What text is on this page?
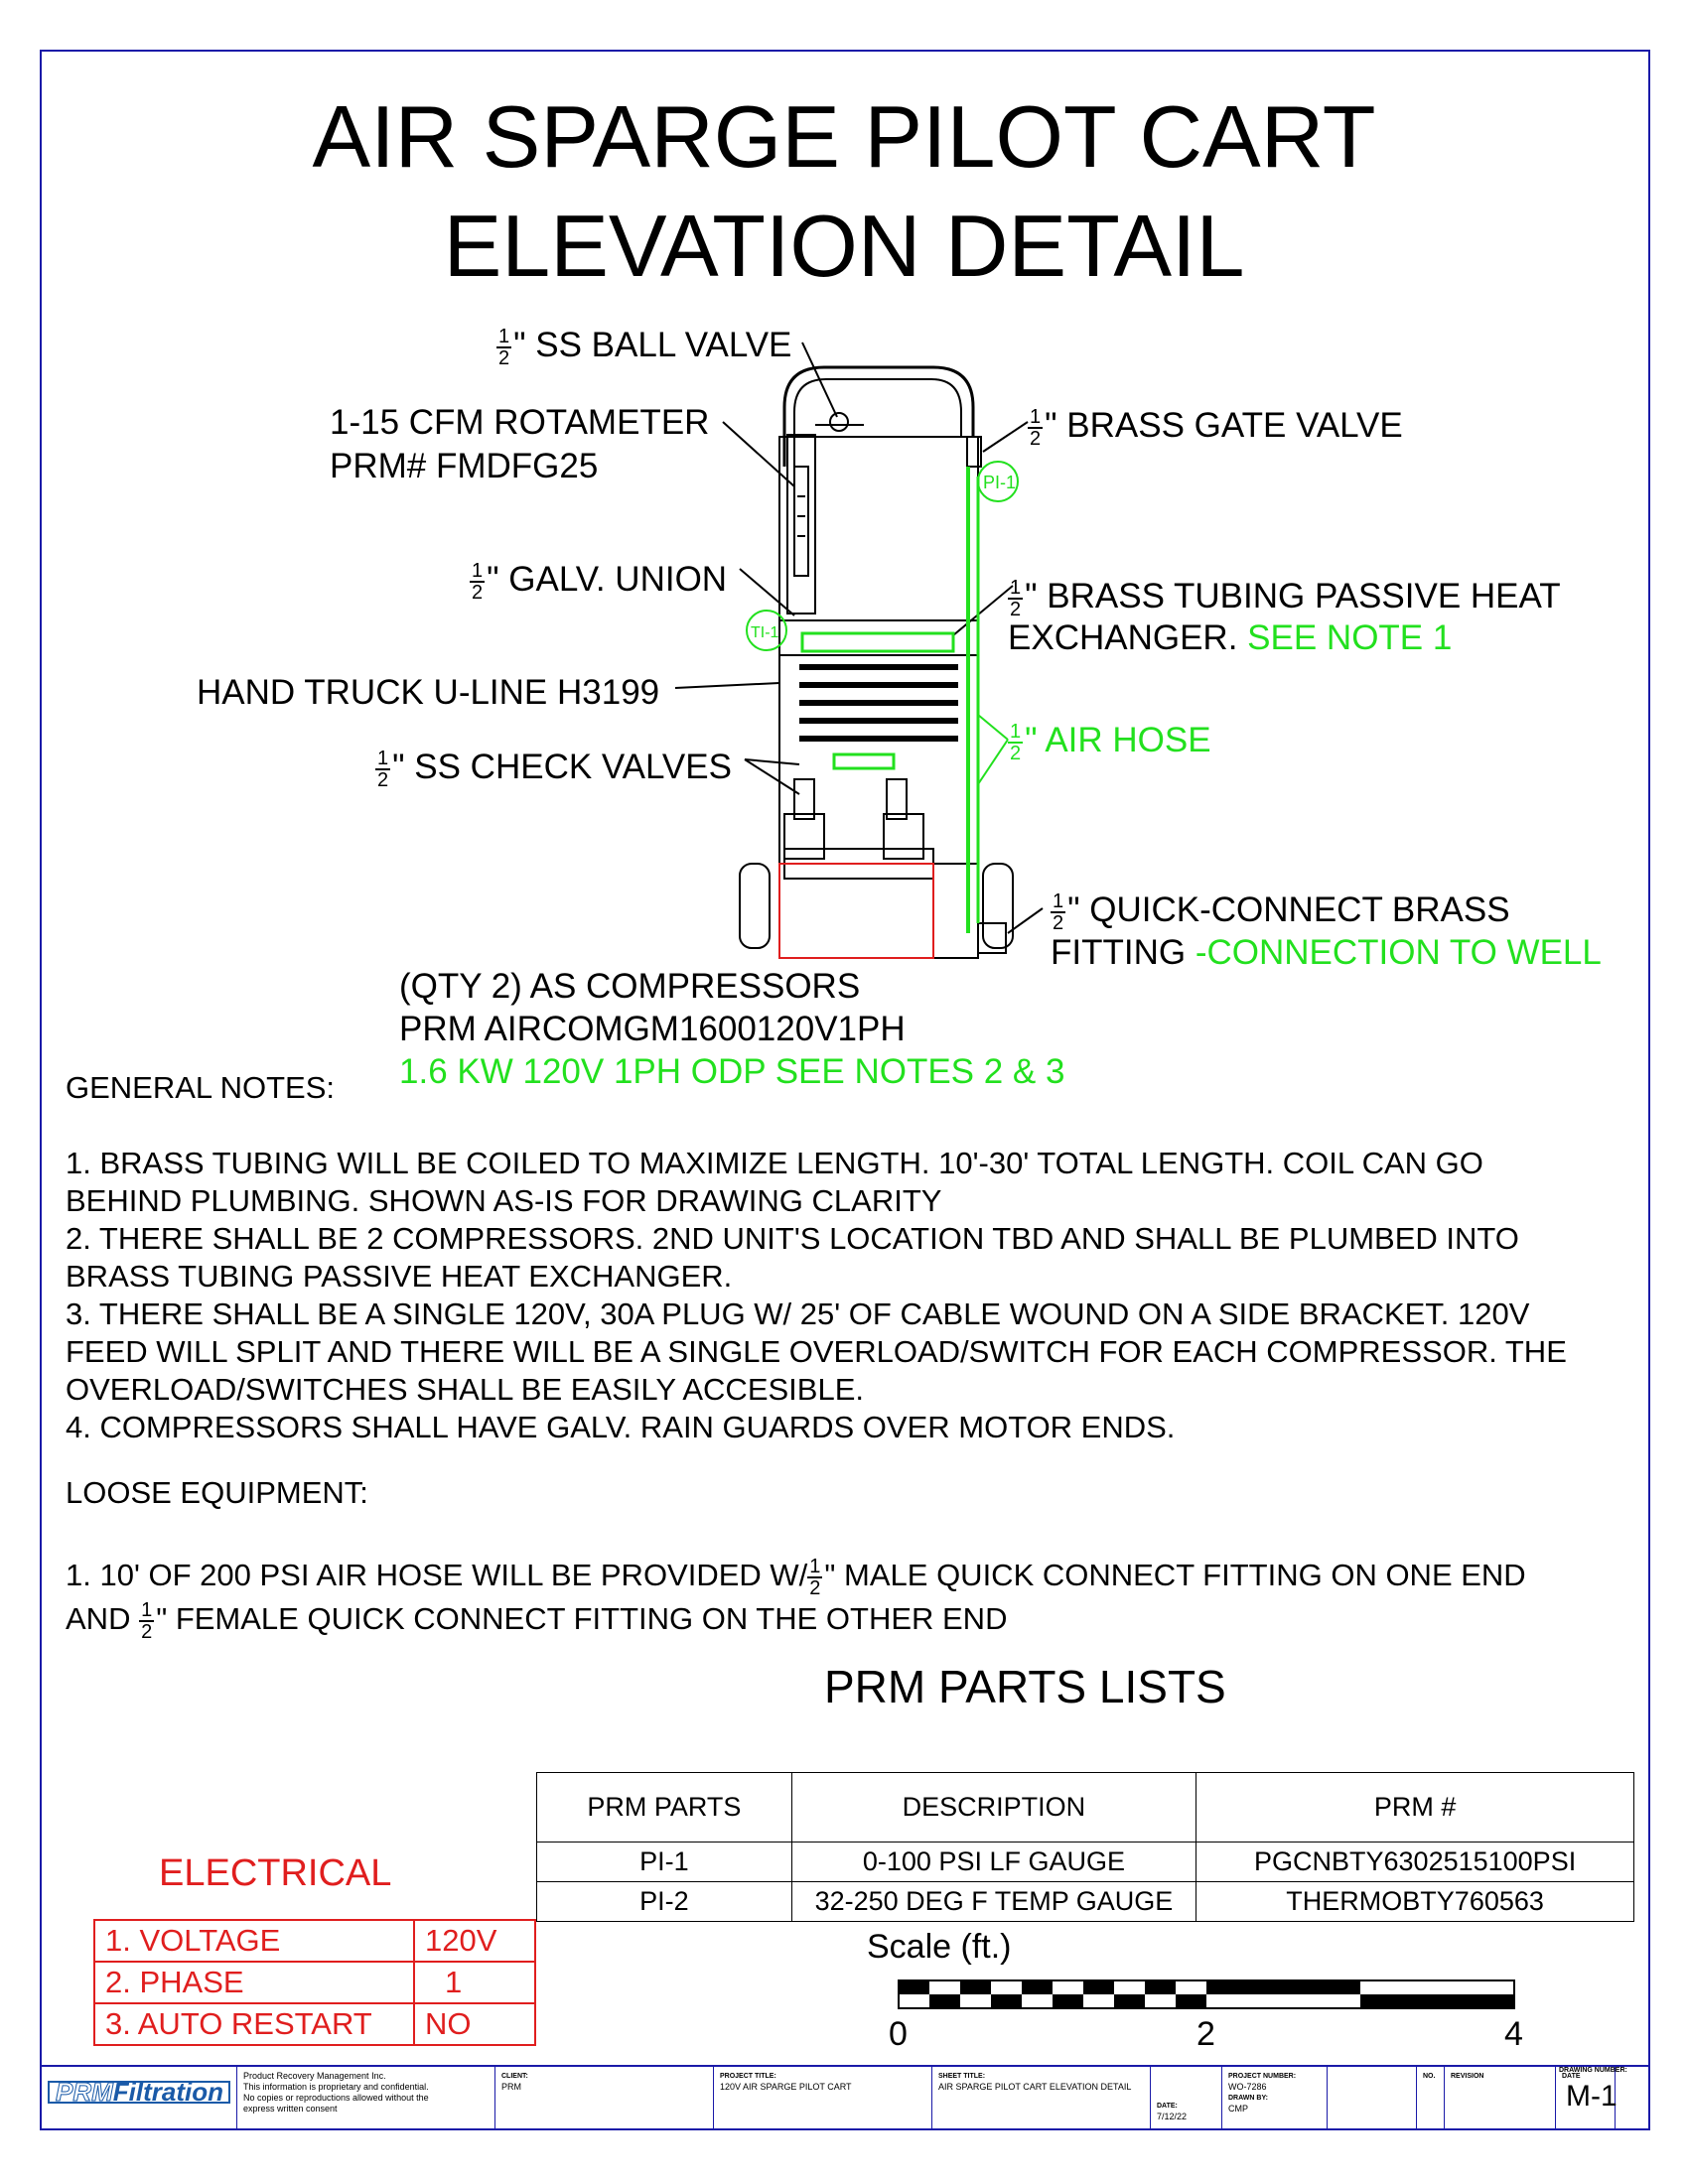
AIR SPARGE PILOT CART
ELEVATION DETAIL
PI-1
TI-1
$\frac{1}{2}$ " SS BALL VALVE
1-15 CFM ROTAMETER
PRM# FMDFG25
$\frac{1}{2}$ " BRASS GATE VALVE
$\frac{1}{2}$ " GALV. UNION	$\frac{1}{2}$ " BRASS TUBING PASSIVE HEAT
EXCHANGER. SEE NOTE 1
HAND TRUCK U-LINE H3199
$\frac{1}{2}$ " AIR HOSE
$\frac{1}{2}$ " SS CHECK VALVES
$\frac{1}{2}$ " QUICK-CONNECT BRASS
FITTING -CONNECTION TO WELL
(QTY 2) AS COMPRESSORS
PRM AIRCOMGM1600120V1PH
1.6 KW 120V 1PH ODP SEE NOTES 2 & 3
GENERAL NOTES:
1. BRASS TUBING WILL BE COILED TO MAXIMIZE LENGTH. 10'-30' TOTAL LENGTH. COIL CAN GO
BEHIND PLUMBING. SHOWN AS-IS FOR DRAWING CLARITY
2. THERE SHALL BE 2 COMPRESSORS. 2ND UNIT'S LOCATION TBD AND SHALL BE PLUMBED INTO
BRASS TUBING PASSIVE HEAT EXCHANGER.
3. THERE SHALL BE A SINGLE 120V, 30A PLUG W/ 25' OF CABLE WOUND ON A SIDE BRACKET. 120V
FEED WILL SPLIT AND THERE WILL BE A SINGLE OVERLOAD/SWITCH FOR EACH COMPRESSOR. THE
OVERLOAD/SWITCHES SHALL BE EASILY ACCESIBLE.
4. COMPRESSORS SHALL HAVE GALV. RAIN GUARDS OVER MOTOR ENDS.
LOOSE EQUIPMENT:
1. 10' OF 200 PSI AIR HOSE WILL BE PROVIDED $W/ \frac{1}{2}$ " MALE QUICK CONNECT FITTING ON ONE END
AND $\frac{1}{2}$ " FEMALE QUICK CONNECT FITTING ON THE OTHER END
PRM PARTS LISTS
PRM PARTS	DESCRIPTION	PRM #
PI-1	0-100 PSI LF GAUGE	PGCNBTY6302515100PSI
PI-2	32-250 DEG F TEMP GAUGE	THERMOBTY760563
ELECTRICAL
1. VOLTAGE	120V
2. PHASE	1
3. AUTO RESTART	NO
Scale (ft.)
0	2	4
PRMFiltration
Product Recovery Management Inc.
This information is proprietary and confidential.
No copies or reproductions allowed without the
express written consent
CLIENT:
PRM
PROJECT TITLE:
120V AIR SPARGE PILOT CART
SHEET TITLE:
AIR SPARGE PILOT CART ELEVATION DETAIL
DATE:
7/12/22
PROJECT NUMBER:
WO-7286
DRAWN BY:
CMP
NO.	REVISION	DATE
DRAWING NUMBER:
M-1
